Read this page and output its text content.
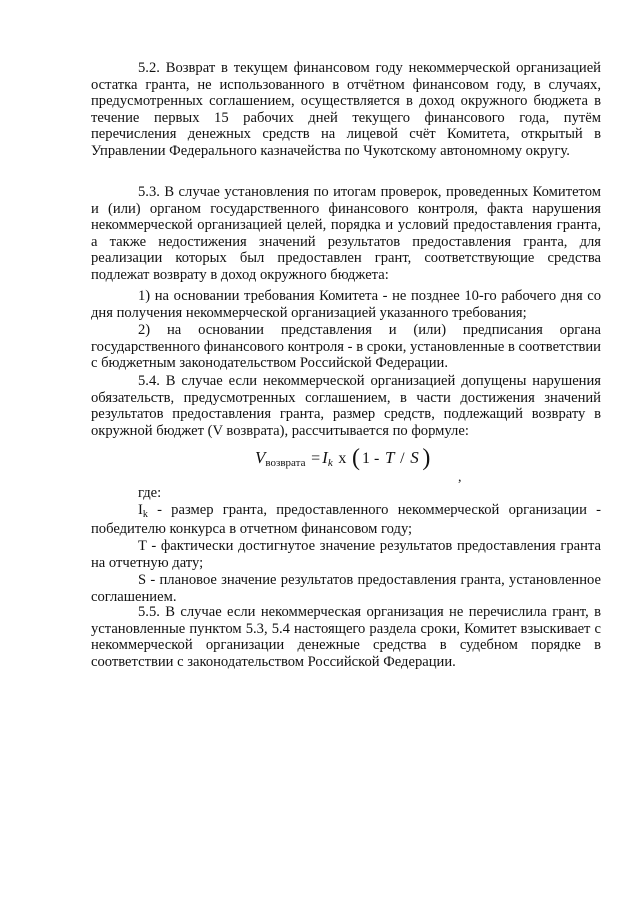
5.2. Возврат в текущем финансовом году некоммерческой организацией остатка гранта, не использованного в отчётном финансовом году, в случаях, предусмотренных соглашением, осуществляется в доход окружного бюджета в течение первых 15 рабочих дней текущего финансового года, путём перечисления денежных средств на лицевой счёт Комитета, открытый в Управлении Федерального казначейства по Чукотскому автономному округу.

5.3. В случае установления по итогам проверок, проведенных Комитетом и (или) органом государственного финансового контроля, факта нарушения некоммерческой организацией целей, порядка и условий предоставления гранта, а также недостижения значений результатов предоставления гранта, для реализации которых был предоставлен грант, соответствующие средства подлежат возврату в доход окружного бюджета:

1) на основании требования Комитета - не позднее 10-го рабочего дня со дня получения некоммерческой организацией указанного требования;

2) на основании представления и (или) предписания органа государственного финансового контроля - в сроки, установленные в соответствии с бюджетным законодательством Российской Федерации.

5.4. В случае если некоммерческой организацией допущены нарушения обязательств, предусмотренных соглашением, в части достижения значений результатов предоставления гранта, размер средств, подлежащий возврату в окружной бюджет (V возврата), рассчитывается по формуле:

$V_{возврата} = I_k$ x ( 1 - T / S )
,

где:

$I_k$ - размер гранта, предоставленного некоммерческой организации - победителю конкурса в отчетном финансовом году;

T - фактически достигнутое значение результатов предоставления гранта на отчетную дату;

S - плановое значение результатов предоставления гранта, установленное соглашением.

5.5. В случае если некоммерческая организация не перечислила грант, в установленные пунктом 5.3, 5.4 настоящего раздела сроки, Комитет взыскивает с некоммерческой организации денежные средства в судебном порядке в соответствии с законодательством Российской Федерации.
